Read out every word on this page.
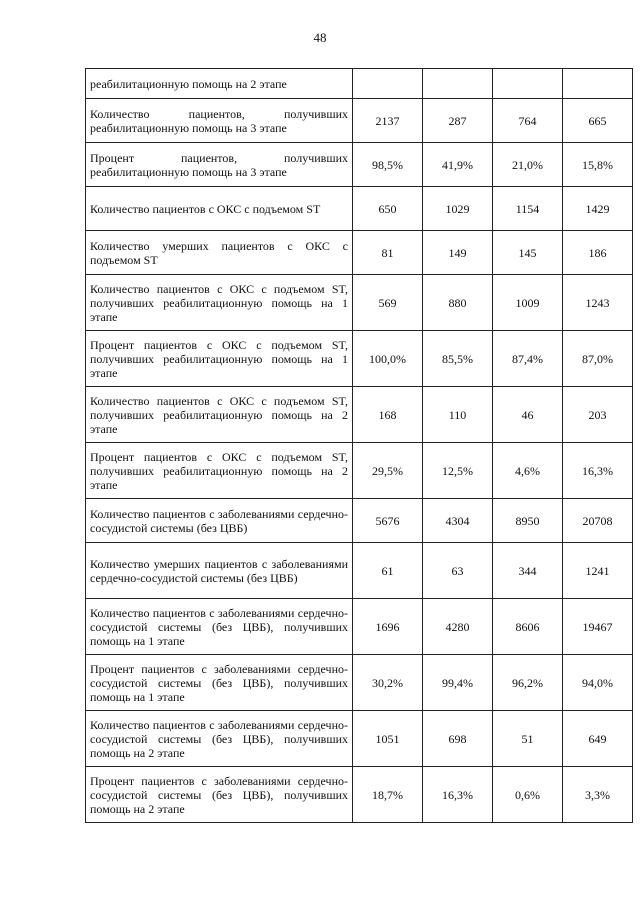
48
реабилитационную помощь на 2 этапе				
Количество пациентов, получивших реабилитационную помощь на 3 этапе	2137	287	764	665
Процент пациентов, получивших реабилитационную помощь на 3 этапе	98,5%	41,9%	21,0%	15,8%
Количество пациентов с ОКС с подъемом ST	650	1029	1154	1429
Количество умерших пациентов с ОКС с подъемом ST	81	149	145	186
Количество пациентов с ОКС с подъемом ST, получивших реабилитационную помощь на 1 этапе	569	880	1009	1243
Процент пациентов с ОКС с подъемом ST, получивших реабилитационную помощь на 1 этапе	100,0%	85,5%	87,4%	87,0%
Количество пациентов с ОКС с подъемом ST, получивших реабилитационную помощь на 2 этапе	168	110	46	203
Процент пациентов с ОКС с подъемом ST, получивших реабилитационную помощь на 2 этапе	29,5%	12,5%	4,6%	16,3%
Количество пациентов с заболеваниями сердечно-сосудистой системы (без ЦВБ)	5676	4304	8950	20708
Количество умерших пациентов с заболеваниями сердечно-сосудистой системы (без ЦВБ)	61	63	344	1241
Количество пациентов с заболеваниями сердечно-сосудистой системы (без ЦВБ), получивших помощь на 1 этапе	1696	4280	8606	19467
Процент пациентов с заболеваниями сердечно-сосудистой системы (без ЦВБ), получивших помощь на 1 этапе	30,2%	99,4%	96,2%	94,0%
Количество пациентов с заболеваниями сердечно-сосудистой системы (без ЦВБ), получивших помощь на 2 этапе	1051	698	51	649
Процент пациентов с заболеваниями сердечно-сосудистой системы (без ЦВБ), получивших помощь на 2 этапе	18,7%	16,3%	0,6%	3,3%
